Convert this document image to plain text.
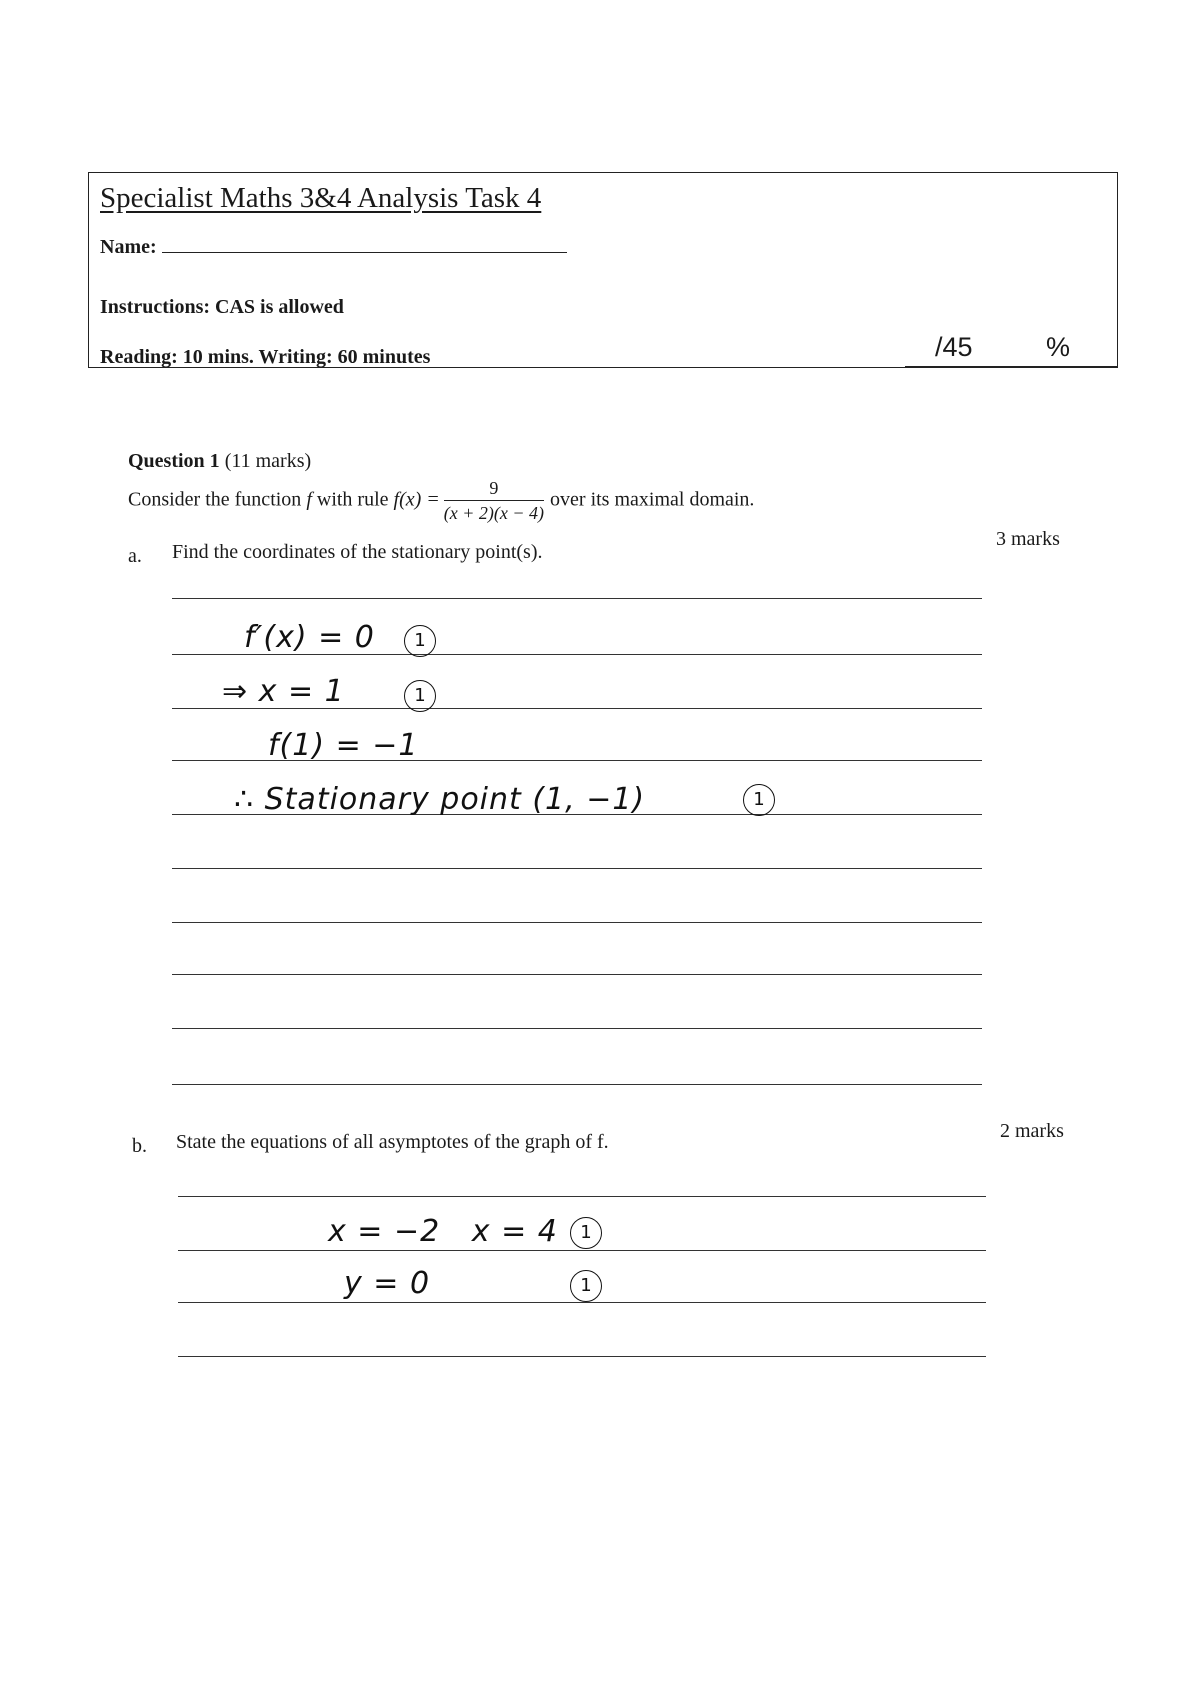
Specialist Maths 3&4 Analysis Task 4
Name:
Instructions: CAS is allowed
Reading: 10 mins. Writing: 60 minutes	/45	%
Question 1 (11 marks)
Consider the function f with rule $f(x) = \frac{9}{(x + 2)(x - 4)}$ over its maximal domain.
a. Find the coordinates of the stationary point(s).
3 marks
f′(x) = 0	1
⇒ x = 1	1
f(1) = −1
∴ Stationary point (1, −1)	1
b. State the equations of all asymptotes of the graph of f.	2 marks
x = −2   x = 4	1
y = 0	1
